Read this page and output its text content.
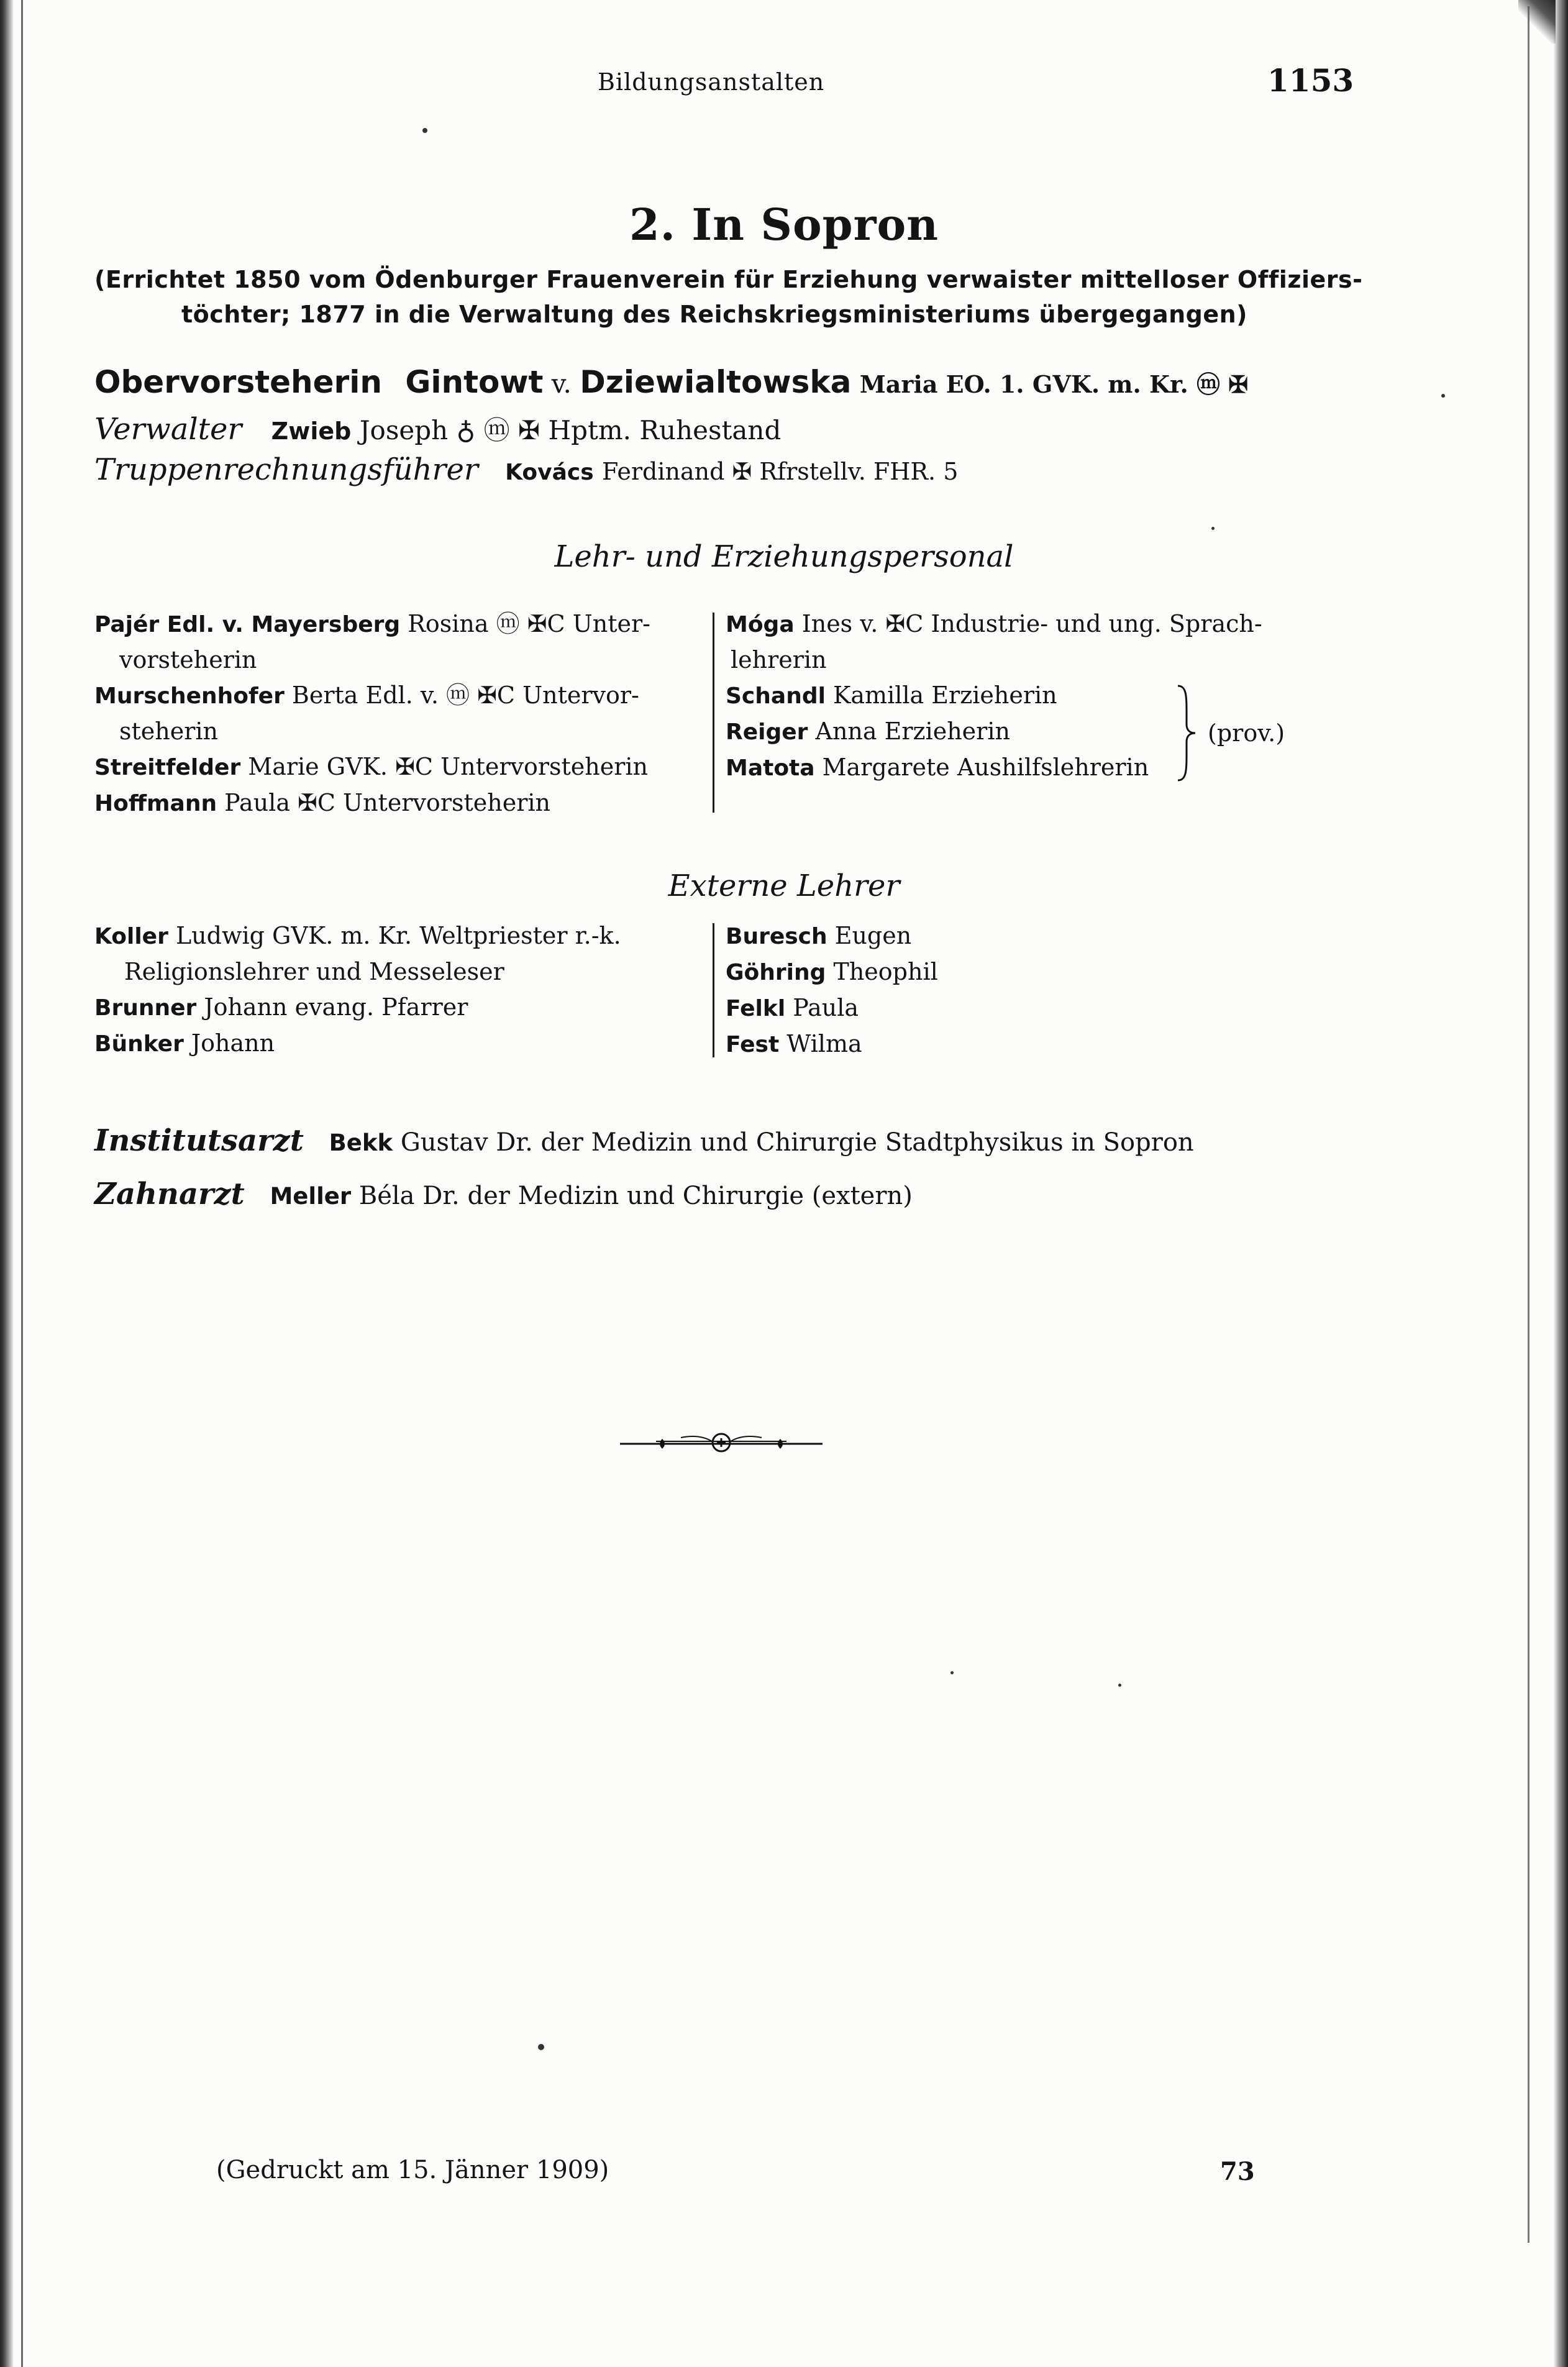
Bildungsanstalten	1153
2. In Sopron
(Errichtet 1850 vom Ödenburger Frauenverein für Erziehung verwaister mittelloser Offiziers-
töchter; 1877 in die Verwaltung des Reichskriegsministeriums übergegangen)
Obervorsteherin Gintowt v. Dziewialtowska Maria EO. 1. GVK. m. Kr. ⓜ ✠
Verwalter Zwieb Joseph ♁ ⓜ ✠ Hptm. Ruhestand
Truppenrechnungsführer Kovács Ferdinand ✠ Rfrstellv. FHR. 5
Lehr- und Erziehungspersonal
Pajér Edl. v. Mayersberg Rosina ⓜ ✠C Unter-
vorsteherin
Murschenhofer Berta Edl. v. ⓜ ✠C Untervor-
steherin
Streitfelder Marie GVK. ✠C Untervorsteherin
Hoffmann Paula ✠C Untervorsteherin
Móga Ines v. ✠C Industrie- und ung. Sprach-
lehrerin
Schandl Kamilla Erzieherin
Reiger Anna Erzieherin
Matota Margarete Aushilfslehrerin
(prov.)
Externe Lehrer
Koller Ludwig GVK. m. Kr. Weltpriester r.-k.
Religionslehrer und Messeleser
Brunner Johann evang. Pfarrer
Bünker Johann
Buresch Eugen
Göhring Theophil
Felkl Paula
Fest Wilma
Institutsarzt Bekk Gustav Dr. der Medizin und Chirurgie Stadtphysikus in Sopron
Zahnarzt Meller Béla Dr. der Medizin und Chirurgie (extern)
(Gedruckt am 15. Jänner 1909)	73
